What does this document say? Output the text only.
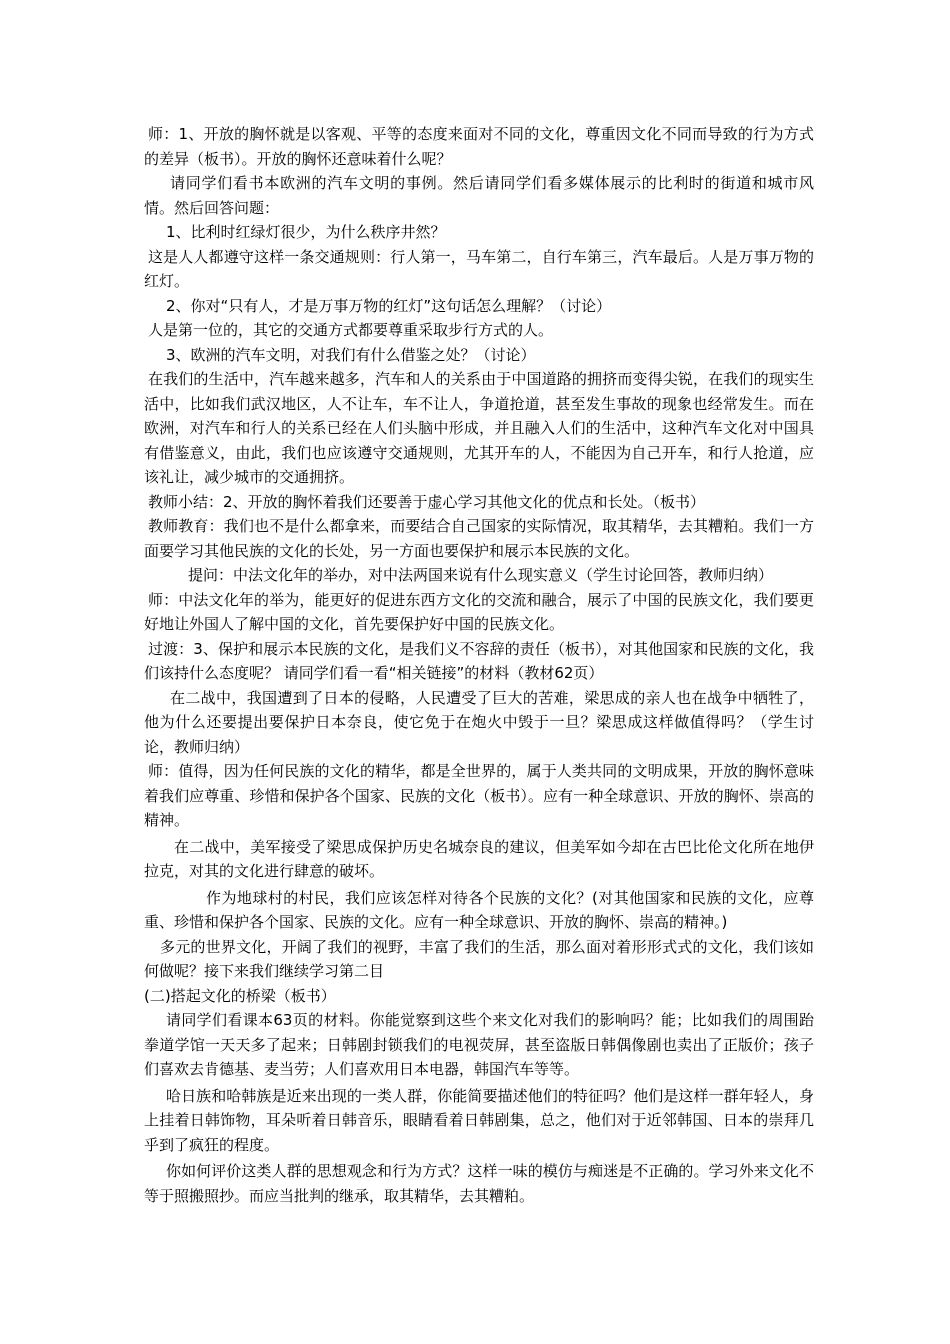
师：1、开放的胸怀就是以客观、平等的态度来面对不同的文化，尊重因文化不同而导致的行为方式的差异（板书）。开放的胸怀还意味着什么呢？

请同学们看书本欧洲的汽车文明的事例。然后请同学们看多媒体展示的比利时的街道和城市风情。然后回答问题：

1、比利时红绿灯很少，为什么秩序井然？

这是人人都遵守这样一条交通规则：行人第一，马车第二，自行车第三，汽车最后。人是万事万物的红灯。

2、你对“只有人，才是万事万物的红灯”这句话怎么理解？（讨论）

人是第一位的，其它的交通方式都要尊重采取步行方式的人。

3、欧洲的汽车文明，对我们有什么借鉴之处？（讨论）

在我们的生活中，汽车越来越多，汽车和人的关系由于中国道路的拥挤而变得尖锐，在我们的现实生活中，比如我们武汉地区，人不让车，车不让人，争道抢道，甚至发生事故的现象也经常发生。而在欧洲，对汽车和行人的关系已经在人们头脑中形成，并且融入人们的生活中，这种汽车文化对中国具有借鉴意义，由此，我们也应该遵守交通规则，尤其开车的人，不能因为自己开车，和行人抢道，应该礼让，减少城市的交通拥挤。

教师小结：2、开放的胸怀着我们还要善于虚心学习其他文化的优点和长处。（板书）

教师教育：我们也不是什么都拿来，而要结合自己国家的实际情况，取其精华，去其糟粕。我们一方面要学习其他民族的文化的长处，另一方面也要保护和展示本民族的文化。

提问：中法文化年的举办，对中法两国来说有什么现实意义（学生讨论回答，教师归纳）

师：中法文化年的举为，能更好的促进东西方文化的交流和融合，展示了中国的民族文化，我们要更好地让外国人了解中国的文化，首先要保护好中国的民族文化。

过渡：3、保护和展示本民族的文化，是我们义不容辞的责任（板书），对其他国家和民族的文化，我们该持什么态度呢？ 请同学们看一看“相关链接”的材料（教材62页）

在二战中，我国遭到了日本的侵略，人民遭受了巨大的苦难，梁思成的亲人也在战争中牺牲了，他为什么还要提出要保护日本奈良，使它免于在炮火中毁于一旦？梁思成这样做值得吗？（学生讨论，教师归纳）

师：值得，因为任何民族的文化的精华，都是全世界的，属于人类共同的文明成果，开放的胸怀意味着我们应尊重、珍惜和保护各个国家、民族的文化（板书）。应有一种全球意识、开放的胸怀、崇高的精神。

在二战中，美军接受了梁思成保护历史名城奈良的建议，但美军如今却在古巴比伦文化所在地伊拉克，对其的文化进行肆意的破坏。

作为地球村的村民，我们应该怎样对待各个民族的文化？(对其他国家和民族的文化，应尊重、珍惜和保护各个国家、民族的文化。应有一种全球意识、开放的胸怀、崇高的精神。)

多元的世界文化，开阔了我们的视野，丰富了我们的生活，那么面对着形形式式的文化，我们该如何做呢？接下来我们继续学习第二目

(二)搭起文化的桥梁（板书）

请同学们看课本63页的材料。你能觉察到这些个来文化对我们的影响吗？能；比如我们的周围跆拳道学馆一天天多了起来；日韩剧封锁我们的电视荧屏，甚至盗版日韩偶像剧也卖出了正版价；孩子们喜欢去肯德基、麦当劳；人们喜欢用日本电器，韩国汽车等等。

哈日族和哈韩族是近来出现的一类人群，你能简要描述他们的特征吗？他们是这样一群年轻人，身上挂着日韩饰物，耳朵听着日韩音乐，眼睛看着日韩剧集，总之，他们对于近邻韩国、日本的崇拜几乎到了疯狂的程度。

你如何评价这类人群的思想观念和行为方式？这样一味的模仿与痴迷是不正确的。学习外来文化不等于照搬照抄。而应当批判的继承，取其精华，去其糟粕。
